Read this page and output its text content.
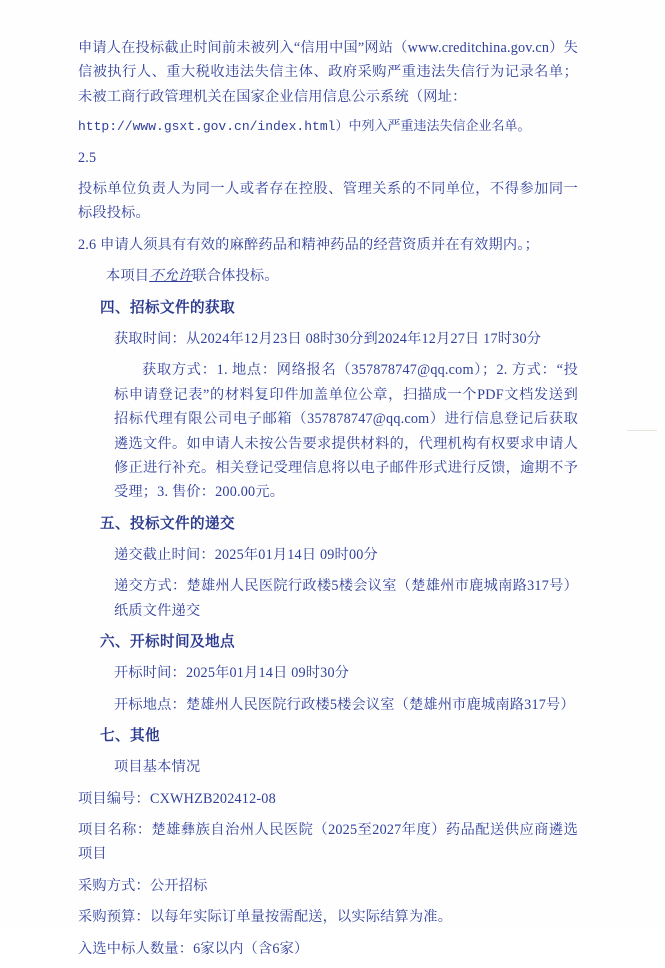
申请人在投标截止时间前未被列入“信用中国”网站（www.creditchina.gov.cn）失信被执行人、重大税收违法失信主体、政府采购严重违法失信行为记录名单；未被工商行政管理机关在国家企业信用信息公示系统（网址：

http://www.gsxt.gov.cn/index.html）中列入严重违法失信企业名单。

2.5

投标单位负责人为同一人或者存在控股、管理关系的不同单位，不得参加同一标段投标。

2.6 申请人须具有有效的麻醉药品和精神药品的经营资质并在有效期内。；

本项目不允许联合体投标。

四、招标文件的获取

获取时间：从2024年12月23日 08时30分到2024年12月27日 17时30分

获取方式：1. 地点：网络报名（357878747@qq.com）；2. 方式：“投标申请登记表”的材料复印件加盖单位公章，扫描成一个PDF文档发送到招标代理有限公司电子邮箱（357878747@qq.com）进行信息登记后获取遴选文件。如申请人未按公告要求提供材料的，代理机构有权要求申请人修正进行补充。相关登记受理信息将以电子邮件形式进行反馈，逾期不予受理；3. 售价：200.00元。

五、投标文件的递交

递交截止时间：2025年01月14日 09时00分

递交方式：楚雄州人民医院行政楼5楼会议室（楚雄州市鹿城南路317号）纸质文件递交

六、开标时间及地点

开标时间：2025年01月14日 09时30分

开标地点：楚雄州人民医院行政楼5楼会议室（楚雄州市鹿城南路317号）

七、其他

项目基本情况

项目编号：CXWHZB202412-08

项目名称：楚雄彝族自治州人民医院（2025至2027年度）药品配送供应商遴选项目

采购方式：公开招标

采购预算：以每年实际订单量按需配送，以实际结算为准。

入选中标人数量：6家以内（含6家）
